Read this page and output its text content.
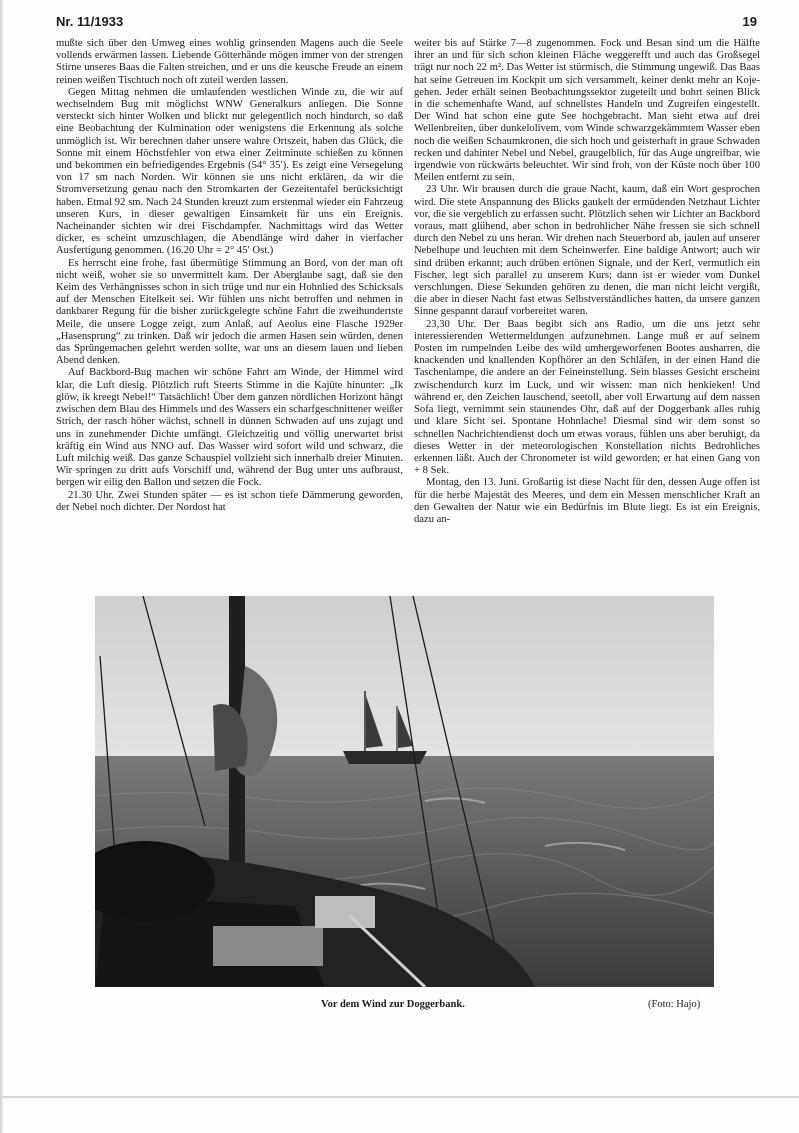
Nr. 11/1933	19

mußte sich über den Umweg eines wohlig grinsenden Magens auch die Seele vollends erwärmen lassen. Liebende Götterhände mögen immer von der strengen Stirne unseres Baas die Falten streichen, und er uns die keusche Freude an einem reinen weißen Tischtuch noch oft zuteil werden lassen.

Gegen Mittag nehmen die umlaufenden westlichen Winde zu, die wir auf wechselndem Bug mit möglichst WNW Generalkurs anliegen. Die Sonne versteckt sich hinter Wolken und blickt nur gelegentlich noch hindurch, so daß eine Beobachtung der Kulmination oder wenigstens die Erkennung als solche unmöglich ist. Wir berechnen daher unsere wahre Ortszeit, haben das Glück, die Sonne mit einem Höchstfehler von etwa einer Zeitminute schießen zu können und bekommen ein befriedigendes Ergebnis (54° 35′). Es zeigt eine Versegelung von 17 sm nach Norden. Wir können sie uns nicht erklären, da wir die Stromversetzung genau nach den Stromkarten der Gezeitentafel berücksichtigt haben. Etmal 92 sm. Nach 24 Stunden kreuzt zum erstenmal wieder ein Fahrzeug unseren Kurs, in dieser gewaltigen Einsamkeit für uns ein Ereignis. Nacheinander sichten wir drei Fischdampfer. Nachmittags wird das Wetter dicker, es scheint umzuschlagen, die Abendlänge wird daher in vierfacher Ausfertigung genommen. (16.20 Uhr = 2° 45′ Ost.)

Es herrscht eine frohe, fast übermütige Stimmung an Bord, von der man oft nicht weiß, woher sie so unvermittelt kam. Der Aberglaube sagt, daß sie den Keim des Verhängnisses schon in sich trüge und nur ein Hohnlied des Schicksals auf der Menschen Eitelkeit sei. Wir fühlen uns nicht betroffen und nehmen in dankbarer Regung für die bisher zurückgelegte schöne Fahrt die zweihundertste Meile, die unsere Logge zeigt, zum Anlaß, auf Aeolus eine Flasche 1929er „Hasensprung“ zu trinken. Daß wir jedoch die armen Hasen sein würden, denen das Sprüngemachen gelehrt werden sollte, war uns an diesem lauen und lieben Abend denken.

Auf Backbord-Bug machen wir schöne Fahrt am Winde, der Himmel wird klar, die Luft diesig. Plötzlich ruft Steerts Stimme in die Kajüte hinunter: „Ik glöw, ik kreegt Nebel!“ Tatsächlich! Über dem ganzen nördlichen Horizont hängt zwischen dem Blau des Himmels und des Wassers ein scharfgeschnittener weißer Strich, der rasch höher wächst, schnell in dünnen Schwaden auf uns zujagt und uns in zunehmender Dichte umfängt. Gleichzeitig und völlig unerwartet brist kräftig ein Wind aus NNO auf. Das Wasser wird sofort wild und schwarz, die Luft milchig weiß. Das ganze Schauspiel vollzieht sich innerhalb dreier Minuten. Wir springen zu dritt aufs Vorschiff und, während der Bug unter uns aufbraust, bergen wir eilig den Ballon und setzen die Fock.

21.30 Uhr. Zwei Stunden später — es ist schon tiefe Dämmerung geworden, der Nebel noch dichter. Der Nordost hat

weiter bis auf Stärke 7—8 zugenommen. Fock und Besan sind um die Hälfte ihrer an und für sich schon kleinen Fläche weggerefft und auch das Großsegel trägt nur noch 22 m². Das Wetter ist stürmisch, die Stimmung ungewiß. Das Baas hat seine Getreuen im Kockpit um sich versammelt, keiner denkt mehr an Koje-gehen. Jeder erhält seinen Beobachtungssektor zugeteilt und bohrt seinen Blick in die schemenhafte Wand, auf schnellstes Handeln und Zugreifen eingestellt. Der Wind hat schon eine gute See hochgebracht. Man sieht etwa auf drei Wellenbreiten, über dunkelolivem, vom Winde schwarzgekämmtem Wasser eben noch die weißen Schaumkronen, die sich hoch und geisterhaft in graue Schwaden recken und dahinter Nebel und Nebel, graugelblich, für das Auge ungreifbar, wie irgendwie von rückwärts beleuchtet. Wir sind froh, von der Küste noch über 100 Meilen entfernt zu sein.

23 Uhr. Wir brausen durch die graue Nacht, kaum, daß ein Wort gesprochen wird. Die stete Anspannung des Blicks gaukelt der ermüdenden Netzhaut Lichter vor, die sie vergeblich zu erfassen sucht. Plötzlich sehen wir Lichter an Backbord voraus, matt glühend, aber schon in bedrohlicher Nähe fressen sie sich schnell durch den Nebel zu uns heran. Wir drehen nach Steuerbord ab, jaulen auf unserer Nebelhupe und leuchten mit dem Scheinwerfer. Eine baldige Antwort; auch wir sind drüben erkannt; auch drüben ertönen Signale, und der Kerl, vermutlich ein Fischer, legt sich parallel zu unserem Kurs; dann ist er wieder vom Dunkel verschlungen. Diese Sekunden gehören zu denen, die man nicht leicht vergißt, die aber in dieser Nacht fast etwas Selbstverständliches hatten, da unsere ganzen Sinne gespannt darauf vorbereitet waren.

23,30 Uhr. Der Baas begibt sich ans Radio, um die uns jetzt sehr interessierenden Wettermeldungen aufzunehmen. Lange muß er auf seinem Posten im rumpelnden Leibe des wild umhergeworfenen Bootes ausharren, die knackenden und knallenden Kopfhörer an den Schläfen, in der einen Hand die Taschenlampe, die andere an der Feineinstellung. Sein blasses Gesicht erscheint zwischendurch kurz im Luck, und wir wissen: man nich henkieken! Und während er, den Zeichen lauschend, seetoll, aber voll Erwartung auf dem nassen Sofa liegt, vernimmt sein staunendes Ohr, daß auf der Doggerbank alles ruhig und klare Sicht sei. Spontane Hohnlache! Diesmal sind wir dem sonst so schnellen Nachrichtendienst doch um etwas voraus, fühlen uns aber beruhigt, da dieses Wetter in der meteorologischen Konstellation nichts Bedrohliches erkennen läßt. Auch der Chronometer ist wild geworden; er hat einen Gang von + 8 Sek.

Montag, den 13. Juni. Großartig ist diese Nacht für den, dessen Auge offen ist für die herbe Majestät des Meeres, und dem ein Messen menschlicher Kraft an den Gewalten der Natur wie ein Bedürfnis im Blute liegt. Es ist ein Ereignis, dazu an-

Vor dem Wind zur Doggerbank.	(Foto: Hajo)
